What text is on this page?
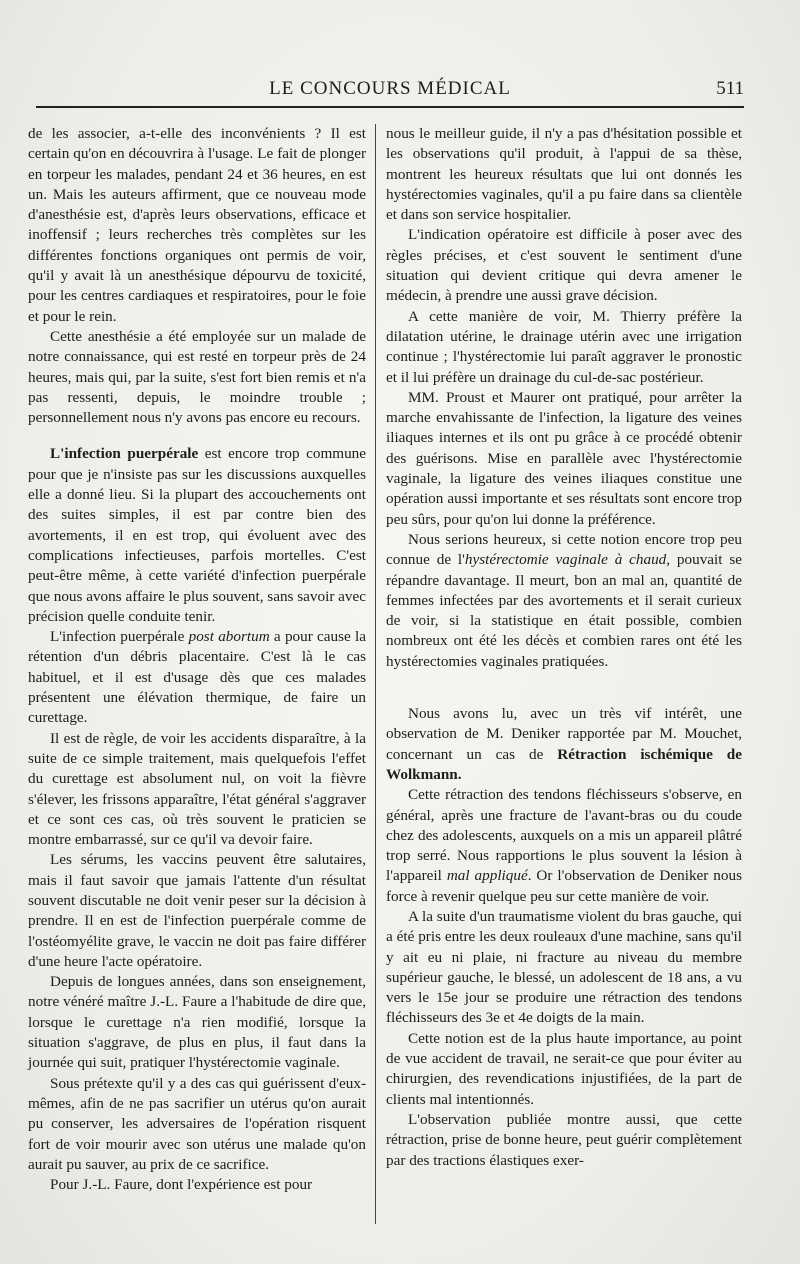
LE CONCOURS MÉDICAL	511

de les associer, a-t-elle des inconvénients ? Il est certain qu'on en découvrira à l'usage. Le fait de plonger en torpeur les malades, pendant 24 et 36 heures, en est un. Mais les auteurs affirment, que ce nouveau mode d'anesthésie est, d'après leurs observations, efficace et inoffensif ; leurs recherches très complètes sur les différentes fonctions organiques ont permis de voir, qu'il y avait là un anesthésique dépourvu de toxicité, pour les centres cardiaques et respiratoires, pour le foie et pour le rein.

Cette anesthésie a été employée sur un malade de notre connaissance, qui est resté en torpeur près de 24 heures, mais qui, par la suite, s'est fort bien remis et n'a pas ressenti, depuis, le moindre trouble ; personnellement nous n'y avons pas encore eu recours.

L'infection puerpérale est encore trop commune pour que je n'insiste pas sur les discussions auxquelles elle a donné lieu. Si la plupart des accouchements ont des suites simples, il est par contre bien des avortements, il en est trop, qui évoluent avec des complications infectieuses, parfois mortelles. C'est peut-être même, à cette variété d'infection puerpérale que nous avons affaire le plus souvent, sans savoir avec précision quelle conduite tenir.

L'infection puerpérale post abortum a pour cause la rétention d'un débris placentaire. C'est là le cas habituel, et il est d'usage dès que ces malades présentent une élévation thermique, de faire un curettage.

Il est de règle, de voir les accidents disparaître, à la suite de ce simple traitement, mais quelquefois l'effet du curettage est absolument nul, on voit la fièvre s'élever, les frissons apparaître, l'état général s'aggraver et ce sont ces cas, où très souvent le praticien se montre embarrassé, sur ce qu'il va devoir faire.

Les sérums, les vaccins peuvent être salutaires, mais il faut savoir que jamais l'attente d'un résultat souvent discutable ne doit venir peser sur la décision à prendre. Il en est de l'infection puerpérale comme de l'ostéomyélite grave, le vaccin ne doit pas faire différer d'une heure l'acte opératoire.

Depuis de longues années, dans son enseignement, notre vénéré maître J.-L. Faure a l'habitude de dire que, lorsque le curettage n'a rien modifié, lorsque la situation s'aggrave, de plus en plus, il faut dans la journée qui suit, pratiquer l'hystérectomie vaginale.

Sous prétexte qu'il y a des cas qui guérissent d'eux-mêmes, afin de ne pas sacrifier un utérus qu'on aurait pu conserver, les adversaires de l'opération risquent fort de voir mourir avec son utérus une malade qu'on aurait pu sauver, au prix de ce sacrifice.

Pour J.-L. Faure, dont l'expérience est pour

nous le meilleur guide, il n'y a pas d'hésitation possible et les observations qu'il produit, à l'appui de sa thèse, montrent les heureux résultats que lui ont donnés les hystérectomies vaginales, qu'il a pu faire dans sa clientèle et dans son service hospitalier.

L'indication opératoire est difficile à poser avec des règles précises, et c'est souvent le sentiment d'une situation qui devient critique qui devra amener le médecin, à prendre une aussi grave décision.

A cette manière de voir, M. Thierry préfère la dilatation utérine, le drainage utérin avec une irrigation continue ; l'hystérectomie lui paraît aggraver le pronostic et il lui préfère un drainage du cul-de-sac postérieur.

MM. Proust et Maurer ont pratiqué, pour arrêter la marche envahissante de l'infection, la ligature des veines iliaques internes et ils ont pu grâce à ce procédé obtenir des guérisons. Mise en parallèle avec l'hystérectomie vaginale, la ligature des veines iliaques constitue une opération aussi importante et ses résultats sont encore trop peu sûrs, pour qu'on lui donne la préférence.

Nous serions heureux, si cette notion encore trop peu connue de l'hystérectomie vaginale à chaud, pouvait se répandre davantage. Il meurt, bon an mal an, quantité de femmes infectées par des avortements et il serait curieux de voir, si la statistique en était possible, combien nombreux ont été les décès et combien rares ont été les hystérectomies vaginales pratiquées.

Nous avons lu, avec un très vif intérêt, une observation de M. Deniker rapportée par M. Mouchet, concernant un cas de Rétraction ischémique de Wolkmann.

Cette rétraction des tendons fléchisseurs s'observe, en général, après une fracture de l'avant-bras ou du coude chez des adolescents, auxquels on a mis un appareil plâtré trop serré. Nous rapportions le plus souvent la lésion à l'appareil mal appliqué. Or l'observation de Deniker nous force à revenir quelque peu sur cette manière de voir.

A la suite d'un traumatisme violent du bras gauche, qui a été pris entre les deux rouleaux d'une machine, sans qu'il y ait eu ni plaie, ni fracture au niveau du membre supérieur gauche, le blessé, un adolescent de 18 ans, a vu vers le 15e jour se produire une rétraction des tendons fléchisseurs des 3e et 4e doigts de la main.

Cette notion est de la plus haute importance, au point de vue accident de travail, ne serait-ce que pour éviter au chirurgien, des revendications injustifiées, de la part de clients mal intentionnés.

L'observation publiée montre aussi, que cette rétraction, prise de bonne heure, peut guérir complètement par des tractions élastiques exer-
